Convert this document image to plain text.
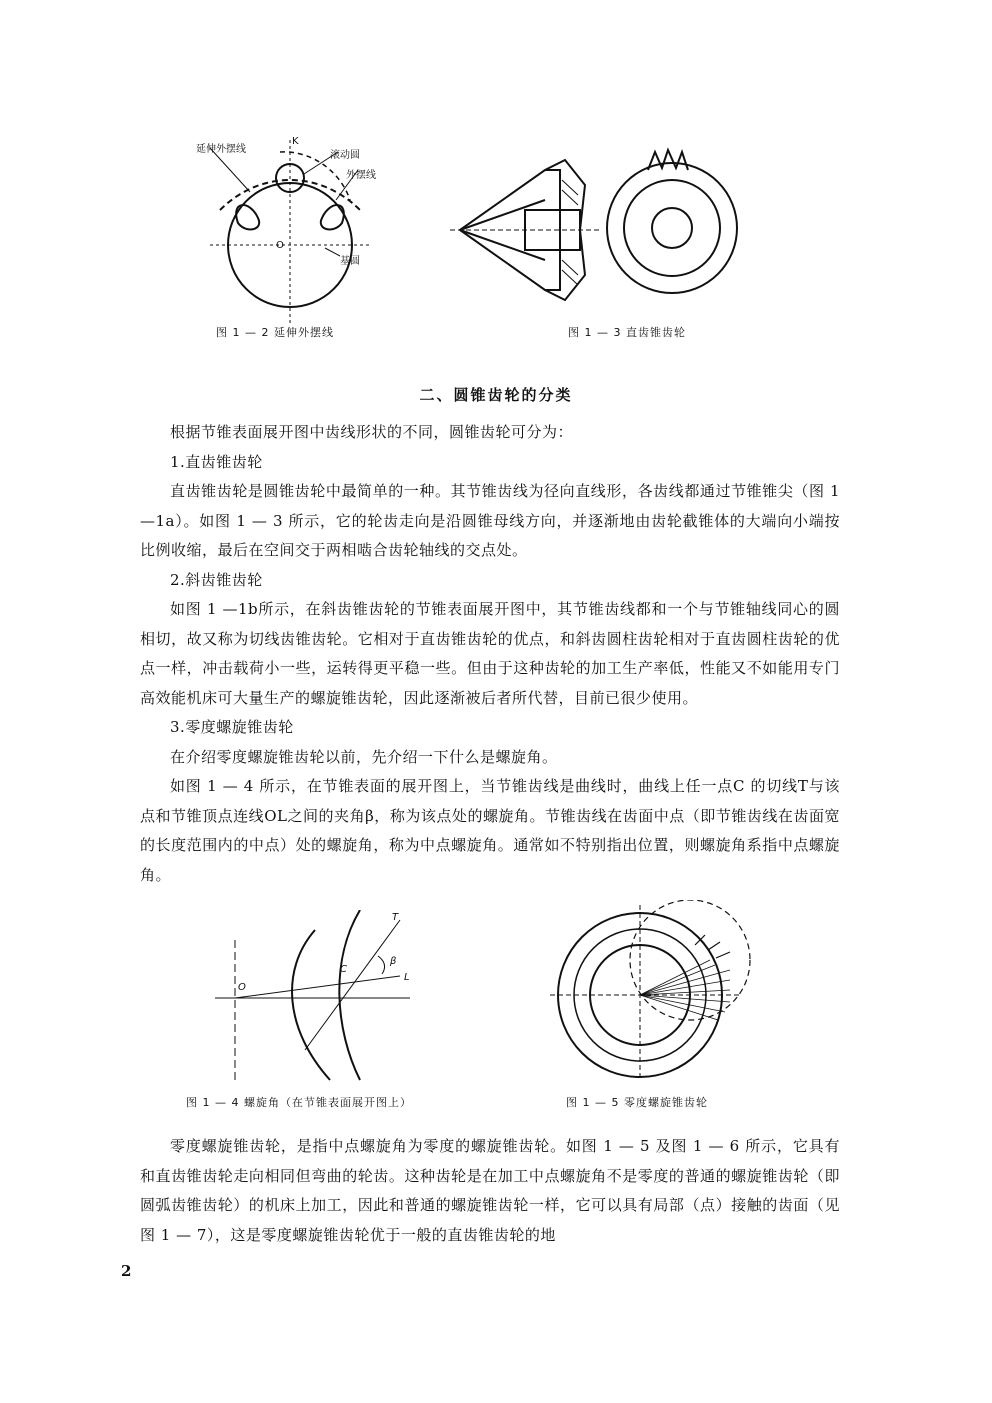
延伸外摆线
K
滚动圆
外摆线
O
基圆
图 1 — 2 延伸外摆线	图 1 — 3 直齿锥齿轮
二、圆锥齿轮的分类

根据节锥表面展开图中齿线形状的不同，圆锥齿轮可分为：

1.直齿锥齿轮

直齿锥齿轮是圆锥齿轮中最简单的一种。其节锥齿线为径向直线形，各齿线都通过节锥锥尖（图 1 —1a）。如图 1 — 3 所示，它的轮齿走向是沿圆锥母线方向，并逐渐地由齿轮截锥体的大端向小端按比例收缩，最后在空间交于两相啮合齿轮轴线的交点处。

2.斜齿锥齿轮

如图 1 —1b所示，在斜齿锥齿轮的节锥表面展开图中，其节锥齿线都和一个与节锥轴线同心的圆相切，故又称为切线齿锥齿轮。它相对于直齿锥齿轮的优点，和斜齿圆柱齿轮相对于直齿圆柱齿轮的优点一样，冲击载荷小一些，运转得更平稳一些。但由于这种齿轮的加工生产率低，性能又不如能用专门高效能机床可大量生产的螺旋锥齿轮，因此逐渐被后者所代替，目前已很少使用。

3.零度螺旋锥齿轮

在介绍零度螺旋锥齿轮以前，先介绍一下什么是螺旋角。

如图 1 — 4 所示，在节锥表面的展开图上，当节锥齿线是曲线时，曲线上任一点C 的切线T与该点和节锥顶点连线OL之间的夹角β，称为该点处的螺旋角。节锥齿线在齿面中点（即节锥齿线在齿面宽的长度范围内的中点）处的螺旋角，称为中点螺旋角。通常如不特别指出位置，则螺旋角系指中点螺旋角。

T
β
C
L
O
图 1 — 4 螺旋角（在节锥表面展开图上）	图 1 — 5 零度螺旋锥齿轮

零度螺旋锥齿轮，是指中点螺旋角为零度的螺旋锥齿轮。如图 1 — 5 及图 1 — 6 所示，它具有和直齿锥齿轮走向相同但弯曲的轮齿。这种齿轮是在加工中点螺旋角不是零度的普通的螺旋锥齿轮（即圆弧齿锥齿轮）的机床上加工，因此和普通的螺旋锥齿轮一样，它可以具有局部（点）接触的齿面（见图 1 — 7），这是零度螺旋锥齿轮优于一般的直齿锥齿轮的地

2
